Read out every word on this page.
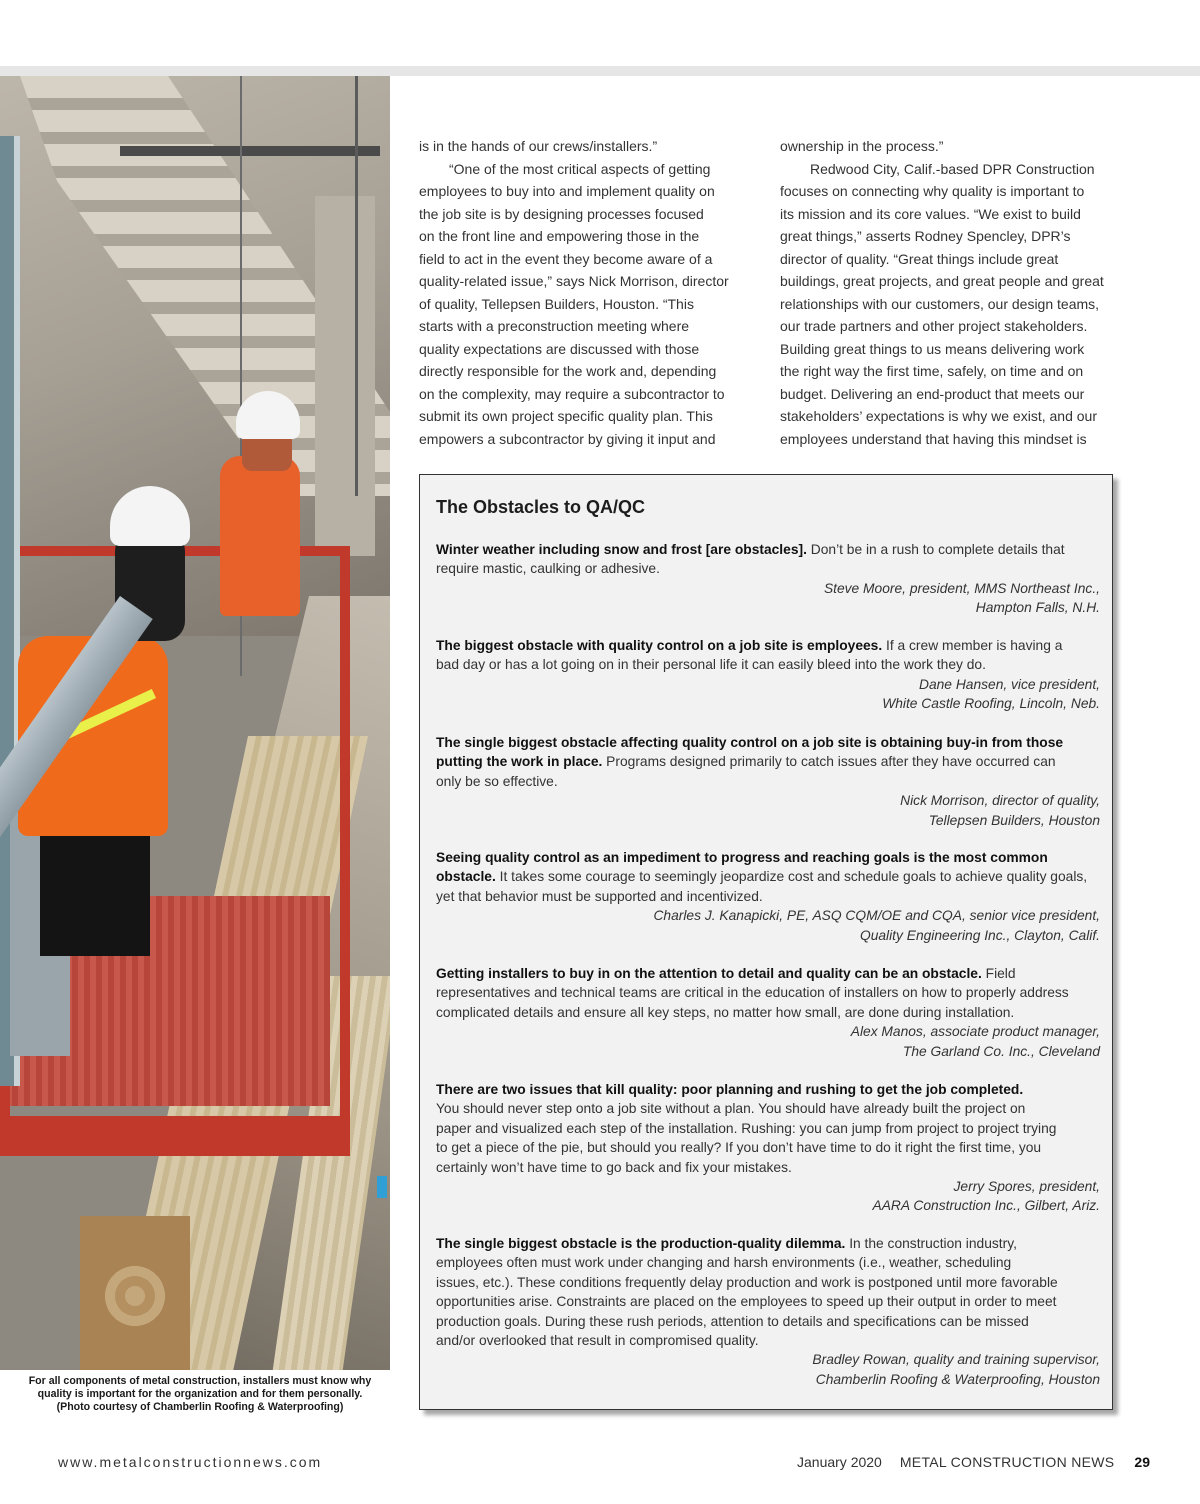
For all components of metal construction, installers must know why
quality is important for the organization and for them personally.
(Photo courtesy of Chamberlin Roofing & Waterproofing)
is in the hands of our crews/installers.”
“One of the most critical aspects of getting
employees to buy into and implement quality on
the job site is by designing processes focused
on the front line and empowering those in the
field to act in the event they become aware of a
quality-related issue,” says Nick Morrison, director
of quality, Tellepsen Builders, Houston. “This
starts with a preconstruction meeting where
quality expectations are discussed with those
directly responsible for the work and, depending
on the complexity, may require a subcontractor to
submit its own project specific quality plan. This
empowers a subcontractor by giving it input and
ownership in the process.”
Redwood City, Calif.-based DPR Construction
focuses on connecting why quality is important to
its mission and its core values. “We exist to build
great things,” asserts Rodney Spencley, DPR’s
director of quality. “Great things include great
buildings, great projects, and great people and great
relationships with our customers, our design teams,
our trade partners and other project stakeholders.
Building great things to us means delivering work
the right way the first time, safely, on time and on
budget. Delivering an end-product that meets our
stakeholders’ expectations is why we exist, and our
employees understand that having this mindset is
The Obstacles to QA/QC
Winter weather including snow and frost [are obstacles]. Don’t be in a rush to complete details that
require mastic, caulking or adhesive.
Steve Moore, president, MMS Northeast Inc.,
Hampton Falls, N.H.
The biggest obstacle with quality control on a job site is employees. If a crew member is having a
bad day or has a lot going on in their personal life it can easily bleed into the work they do.
Dane Hansen, vice president,
White Castle Roofing, Lincoln, Neb.
The single biggest obstacle affecting quality control on a job site is obtaining buy-in from those
putting the work in place. Programs designed primarily to catch issues after they have occurred can
only be so effective.
Nick Morrison, director of quality,
Tellepsen Builders, Houston
Seeing quality control as an impediment to progress and reaching goals is the most common
obstacle. It takes some courage to seemingly jeopardize cost and schedule goals to achieve quality goals,
yet that behavior must be supported and incentivized.
Charles J. Kanapicki, PE, ASQ CQM/OE and CQA, senior vice president,
Quality Engineering Inc., Clayton, Calif.
Getting installers to buy in on the attention to detail and quality can be an obstacle. Field
representatives and technical teams are critical in the education of installers on how to properly address
complicated details and ensure all key steps, no matter how small, are done during installation.
Alex Manos, associate product manager,
The Garland Co. Inc., Cleveland
There are two issues that kill quality: poor planning and rushing to get the job completed.
You should never step onto a job site without a plan. You should have already built the project on
paper and visualized each step of the installation. Rushing: you can jump from project to project trying
to get a piece of the pie, but should you really? If you don’t have time to do it right the first time, you
certainly won’t have time to go back and fix your mistakes.
Jerry Spores, president,
AARA Construction Inc., Gilbert, Ariz.
The single biggest obstacle is the production-quality dilemma. In the construction industry,
employees often must work under changing and harsh environments (i.e., weather, scheduling
issues, etc.). These conditions frequently delay production and work is postponed until more favorable
opportunities arise. Constraints are placed on the employees to speed up their output in order to meet
production goals. During these rush periods, attention to details and specifications can be missed
and/or overlooked that result in compromised quality.
Bradley Rowan, quality and training supervisor,
Chamberlin Roofing & Waterproofing, Houston
www.metalconstructionnews.com	January 2020 METAL CONSTRUCTION NEWS 29
